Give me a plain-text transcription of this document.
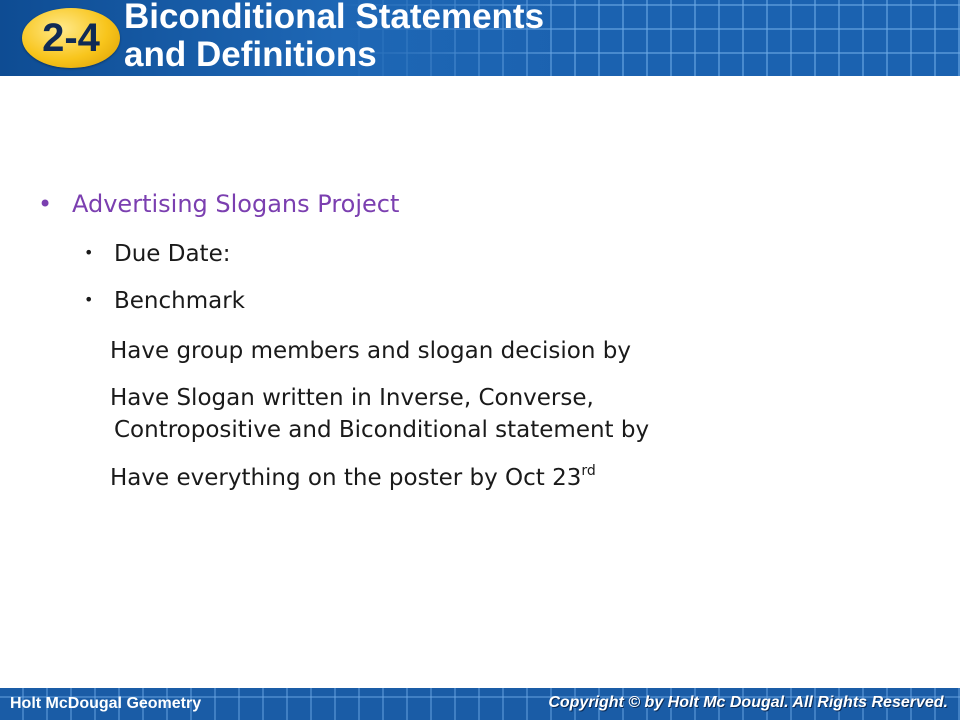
2-4 Biconditional Statements
and Definitions
• Advertising Slogans Project
• Due Date:
• Benchmark
Have group members and slogan decision by
Have Slogan written in Inverse, Converse,
Contropositive and Biconditional statement by
Have everything on the poster by Oct 23rd
Holt McDougal Geometry	Copyright © by Holt Mc Dougal. All Rights Reserved.
